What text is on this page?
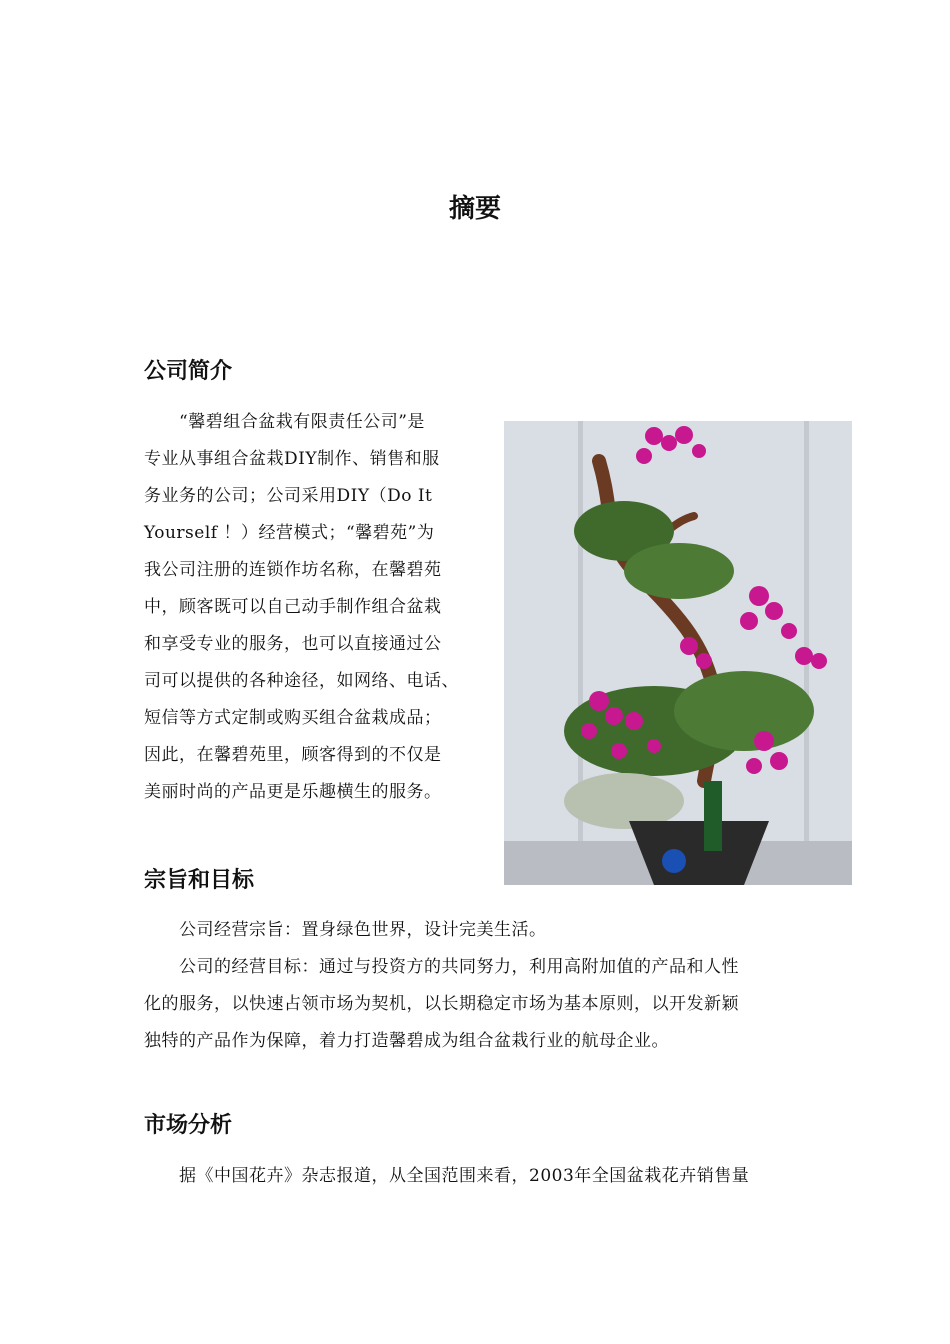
摘要
公司简介
　　“馨碧组合盆栽有限责任公司”是
专业从事组合盆栽DIY制作、销售和服
务业务的公司；公司采用DIY（Do It
Yourself ！）经营模式；“馨碧苑”为
我公司注册的连锁作坊名称，在馨碧苑
中，顾客既可以自己动手制作组合盆栽
和享受专业的服务，也可以直接通过公
司可以提供的各种途径，如网络、电话、
短信等方式定制或购买组合盆栽成品；
因此，在馨碧苑里，顾客得到的不仅是
美丽时尚的产品更是乐趣横生的服务。
宗旨和目标
　　公司经营宗旨：置身绿色世界，设计完美生活。
　　公司的经营目标：通过与投资方的共同努力，利用高附加值的产品和人性
化的服务，以快速占领市场为契机，以长期稳定市场为基本原则，以开发新颖
独特的产品作为保障，着力打造馨碧成为组合盆栽行业的航母企业。
市场分析
　　据《中国花卉》杂志报道，从全国范围来看，2003年全国盆栽花卉销售量
